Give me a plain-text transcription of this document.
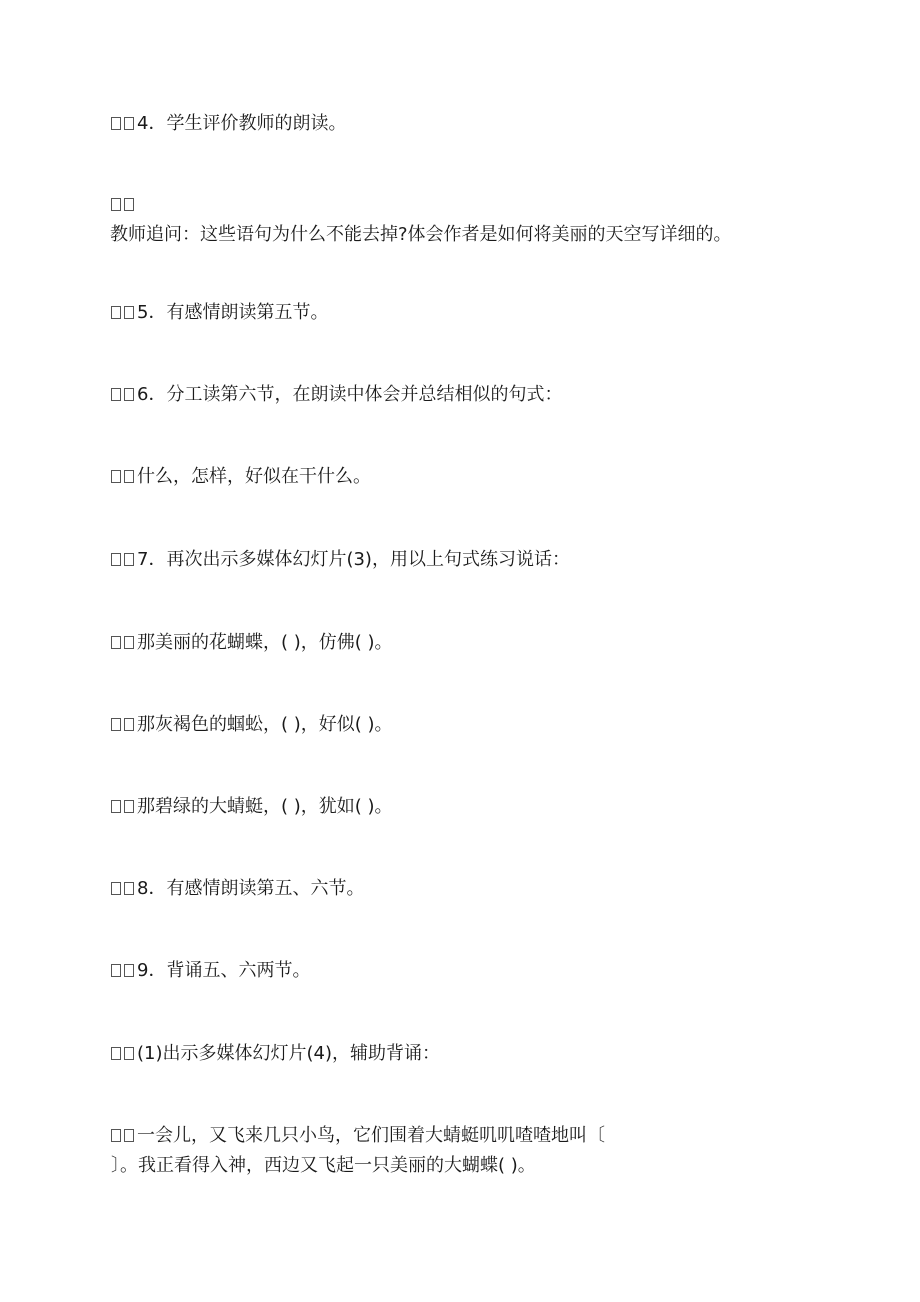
4．学生评价教师的朗读。
教师追问：这些语句为什么不能去掉?体会作者是如何将美丽的天空写详细的。
5．有感情朗读第五节。
6．分工读第六节，在朗读中体会并总结相似的句式：
什么，怎样，好似在干什么。
7．再次出示多媒体幻灯片(3)，用以上句式练习说话：
那美丽的花蝴蝶，( )，仿佛( )。
那灰褐色的蝈蚣，( )，好似( )。
那碧绿的大蜻蜓，( )，犹如( )。
8．有感情朗读第五、六节。
9．背诵五、六两节。
(1)出示多媒体幻灯片(4)，辅助背诵：
一会儿，又飞来几只小鸟，它们围着大蜻蜓叽叽喳喳地叫〔
〕。我正看得入神，西边又飞起一只美丽的大蝴蝶( )。
